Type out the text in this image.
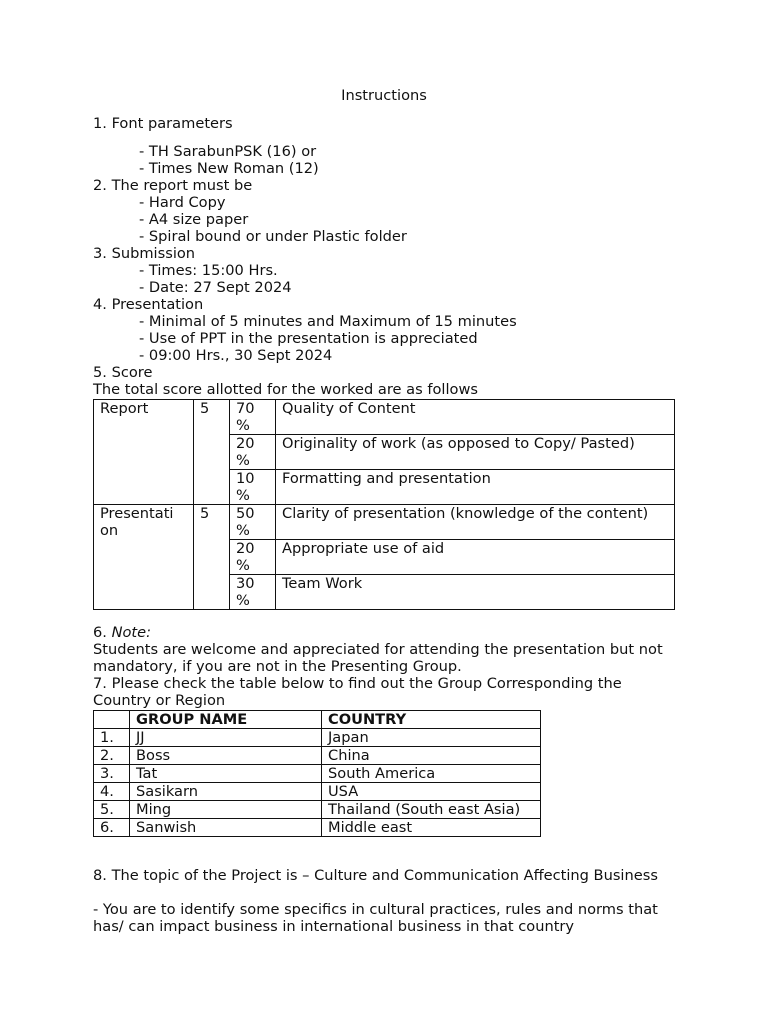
Instructions
1. Font parameters
- TH SarabunPSK (16) or
- Times New Roman (12)
2. The report must be
- Hard Copy
- A4 size paper
- Spiral bound or under Plastic folder
3. Submission
- Times: 15:00 Hrs.
- Date: 27 Sept 2024
4. Presentation
- Minimal of 5 minutes and Maximum of 15 minutes
- Use of PPT in the presentation is appreciated
- 09:00 Hrs., 30 Sept 2024
5. Score
The total score allotted for the worked are as follows
Report	5	70 %	Quality of Content
		20 %	Originality of work (as opposed to Copy/ Pasted)
		10 %	Formatting and presentation
Presentati on	5	50 %	Clarity of presentation (knowledge of the content)
		20 %	Appropriate use of aid
		30 %	Team Work
6. Note:
Students are welcome and appreciated for attending the presentation but not mandatory, if you are not in the Presenting Group.
7. Please check the table below to find out the Group Corresponding the Country or Region
	GROUP NAME	COUNTRY
1.	JJ	Japan
2.	Boss	China
3.	Tat	South America
4.	Sasikarn	USA
5.	Ming	Thailand (South east Asia)
6.	Sanwish	Middle east
8. The topic of the Project is – Culture and Communication Affecting Business
- You are to identify some specifics in cultural practices, rules and norms that has/ can impact business in international business in that country
